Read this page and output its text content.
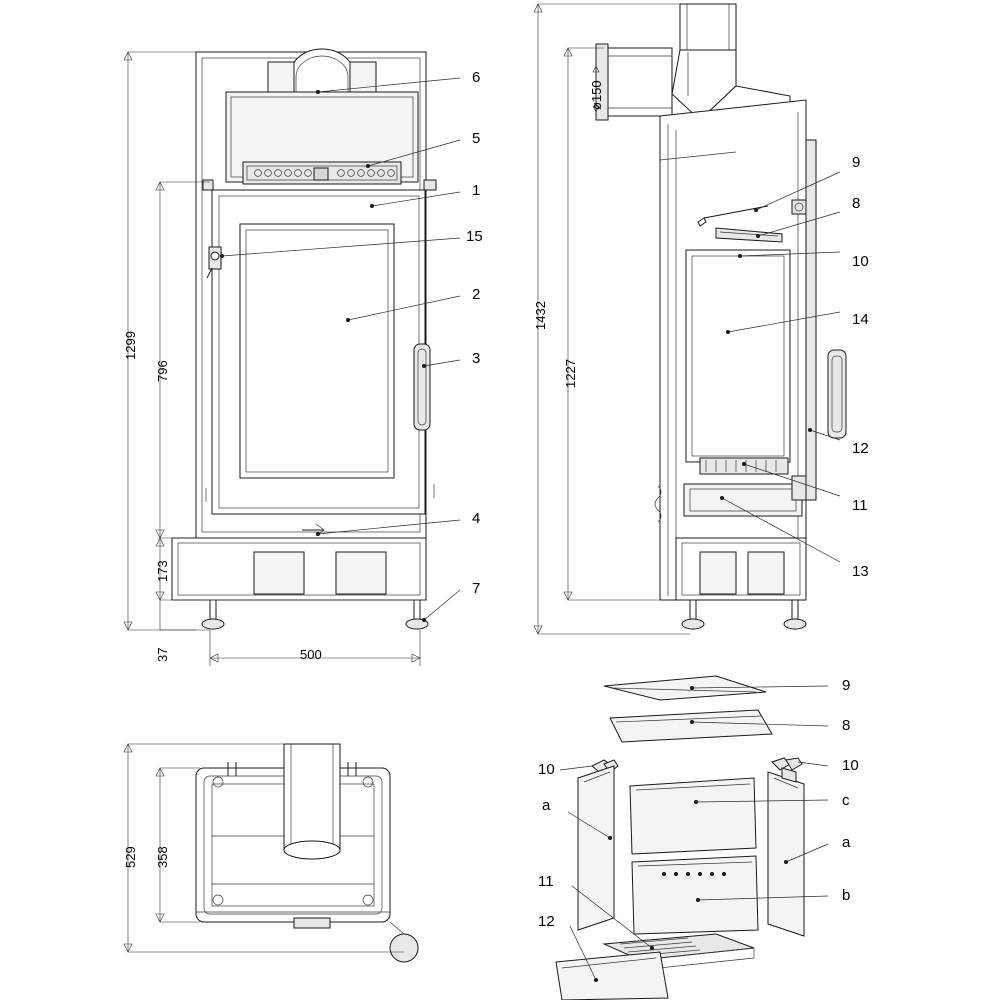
6
5
1
15
2
3
4
7
1299
796
173
37	500
9
8
10
14
12
11
13
1432
1227
ø150
529 358
9
8
10	10
a	c
a
b
11
12
